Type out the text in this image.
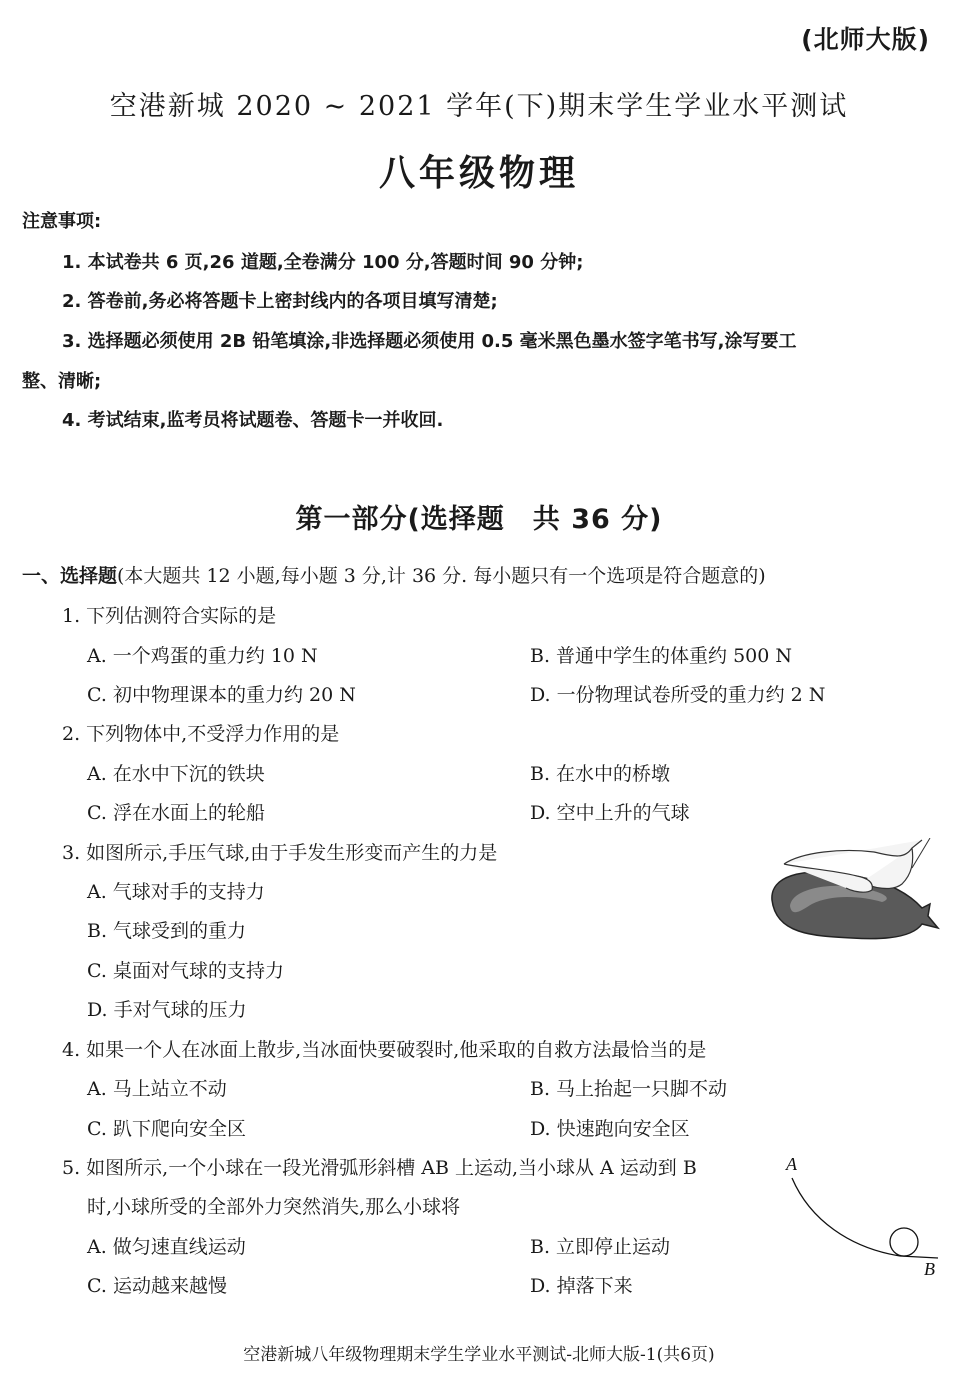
(北师大版)
空港新城 2020 ~ 2021 学年(下)期末学生学业水平测试
八年级物理
注意事项:
1. 本试卷共 6 页,26 道题,全卷满分 100 分,答题时间 90 分钟;
2. 答卷前,务必将答题卡上密封线内的各项目填写清楚;
3. 选择题必须使用 2B 铅笔填涂,非选择题必须使用 0.5 毫米黑色墨水签字笔书写,涂写要工
整、清晰;
4. 考试结束,监考员将试题卷、答题卡一并收回.
第一部分(选择题　共 36 分)
一、选择题(本大题共 12 小题,每小题 3 分,计 36 分. 每小题只有一个选项是符合题意的)
1. 下列估测符合实际的是
A. 一个鸡蛋的重力约 10 N	B. 普通中学生的体重约 500 N
C. 初中物理课本的重力约 20 N	D. 一份物理试卷所受的重力约 2 N
2. 下列物体中,不受浮力作用的是
A. 在水中下沉的铁块	B. 在水中的桥墩
C. 浮在水面上的轮船	D. 空中上升的气球
3. 如图所示,手压气球,由于手发生形变而产生的力是
A. 气球对手的支持力
B. 气球受到的重力
C. 桌面对气球的支持力
D. 手对气球的压力
4. 如果一个人在冰面上散步,当冰面快要破裂时,他采取的自救方法最恰当的是
A. 马上站立不动	B. 马上抬起一只脚不动
C. 趴下爬向安全区	D. 快速跑向安全区
5. 如图所示,一个小球在一段光滑弧形斜槽 AB 上运动,当小球从 A 运动到 B
时,小球所受的全部外力突然消失,那么小球将
A. 做匀速直线运动	B. 立即停止运动
C. 运动越来越慢	D. 掉落下来
A
B
空港新城八年级物理期末学生学业水平测试-北师大版-1(共6页)
